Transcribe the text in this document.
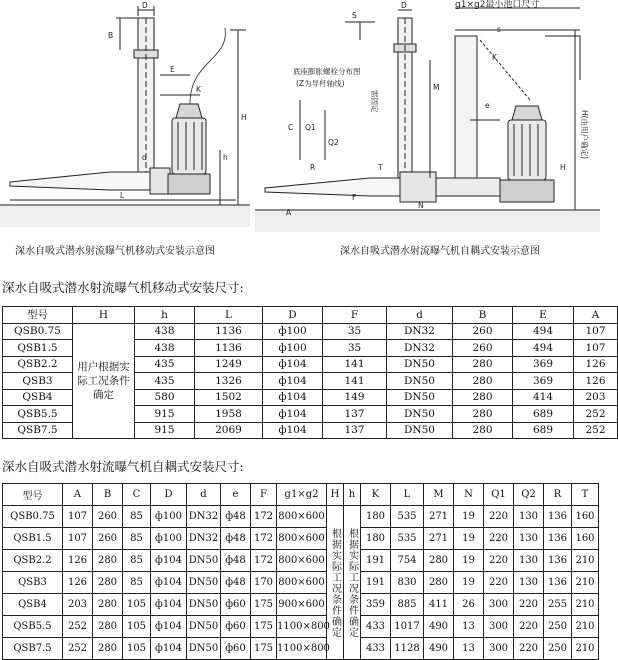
D
B
E
K
H
h
L
d
S
D
s
K
M
e
F
Q1
Q2
C
A
N
R	T	H
g1×g2最小池口尺寸
底座膨胀螺栓分布图
(Z为导杆轴线)
H(由用户确定)
需固定
深水自吸式潜水射流曝气机移动式安装示意图	深水自吸式潜水射流曝气机自耦式安装示意图
深水自吸式潜水射流曝气机移动式安装尺寸:
型号	H	h	L	D	F	d	B	E	A
QSB0.75	用户根据实际工况条件确定	438	1136	ф100	35	DN32	260	494	107
QSB1.5		438	1136	ф100	35	DN32	260	494	107
QSB2.2		435	1249	ф104	141	DN50	280	369	126
QSB3		435	1326	ф104	141	DN50	280	369	126
QSB4		580	1502	ф104	149	DN50	280	414	203
QSB5.5		915	1958	ф104	137	DN50	280	689	252
QSB7.5		915	2069	ф104	137	DN50	280	689	252
深水自吸式潜水射流曝气机自耦式安装尺寸:
型号	A	B	C	D	d	e	F	g1×g2	H	h	K	L	M	N	Q1	Q2	R	T
QSB0.75	107	260	85	ф100	DN32	ф48	172	800×600	根据实际工况条件确定	根据实际工况条件确定	180	535	271	19	220	130	136	160
QSB1.5	107	260	85	ф100	DN32	ф48	172	800×600			180	535	271	19	220	130	136	160
QSB2.2	126	280	85	ф104	DN50	ф48	172	800×600			191	754	280	19	220	130	136	210
QSB3	126	280	85	ф104	DN50	ф48	170	800×600			191	830	280	19	220	130	136	210
QSB4	203	280	105	ф104	DN50	ф60	175	900×600			359	885	411	26	300	220	255	210
QSB5.5	252	280	105	ф104	DN50	ф60	175	1100×800			433	1017	490	13	300	220	250	210
QSB7.5	252	280	105	ф104	DN50	ф60	175	1100×800			433	1128	490	13	300	220	250	210
